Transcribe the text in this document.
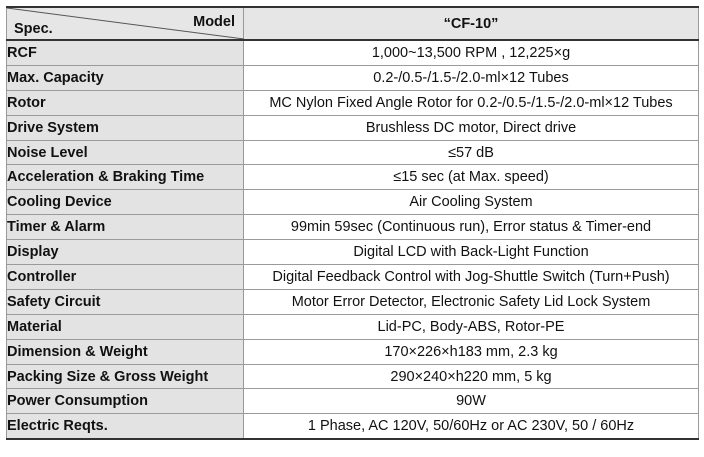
Spec. Model	“CF-10”
RCF	1,000~13,500 RPM , 12,225×g
Max. Capacity	0.2-/0.5-/1.5-/2.0-ml×12 Tubes
Rotor	MC Nylon Fixed Angle Rotor for 0.2-/0.5-/1.5-/2.0-ml×12 Tubes
Drive System	Brushless DC motor, Direct drive
Noise Level	≤57 dB
Acceleration & Braking Time	≤15 sec (at Max. speed)
Cooling Device	Air Cooling System
Timer & Alarm	99min 59sec (Continuous run), Error status & Timer-end
Display	Digital LCD with Back-Light Function
Controller	Digital Feedback Control with Jog-Shuttle Switch (Turn+Push)
Safety Circuit	Motor Error Detector, Electronic Safety Lid Lock System
Material	Lid-PC, Body-ABS, Rotor-PE
Dimension & Weight	170×226×h183 mm, 2.3 kg
Packing Size & Gross Weight	290×240×h220 mm, 5 kg
Power Consumption	90W
Electric Reqts.	1 Phase, AC 120V, 50/60Hz or AC 230V, 50 / 60Hz
